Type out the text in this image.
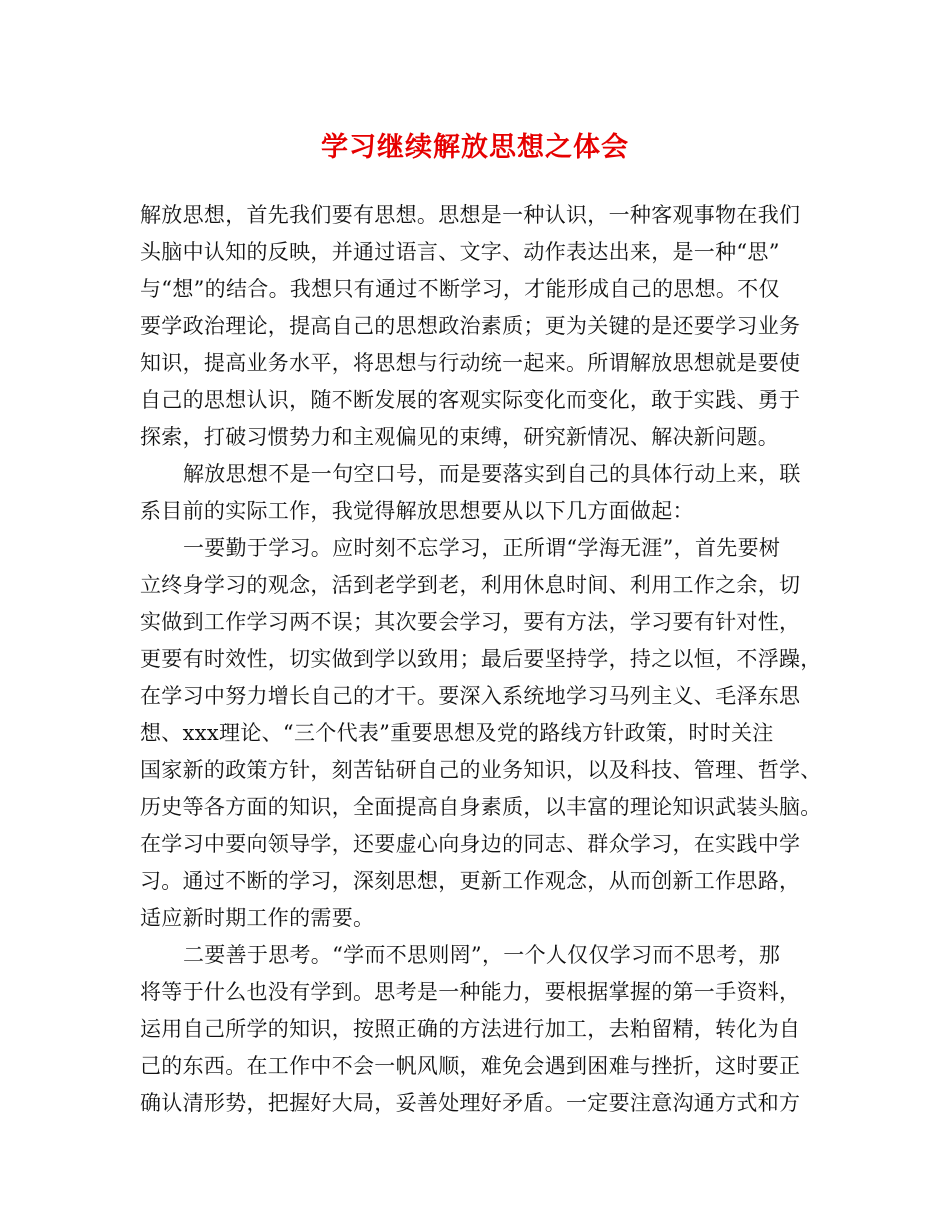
学习继续解放思想之体会
解放思想，首先我们要有思想。思想是一种认识，一种客观事物在我们
头脑中认知的反映，并通过语言、文字、动作表达出来，是一种“思”
与“想”的结合。我想只有通过不断学习，才能形成自己的思想。不仅
要学政治理论，提高自己的思想政治素质；更为关键的是还要学习业务
知识，提高业务水平，将思想与行动统一起来。所谓解放思想就是要使
自己的思想认识，随不断发展的客观实际变化而变化，敢于实践、勇于
探索，打破习惯势力和主观偏见的束缚，研究新情况、解决新问题。
解放思想不是一句空口号，而是要落实到自己的具体行动上来，联
系目前的实际工作，我觉得解放思想要从以下几方面做起：
一要勤于学习。应时刻不忘学习，正所谓“学海无涯”，首先要树
立终身学习的观念，活到老学到老，利用休息时间、利用工作之余，切
实做到工作学习两不误；其次要会学习，要有方法，学习要有针对性，
更要有时效性，切实做到学以致用；最后要坚持学，持之以恒，不浮躁，
在学习中努力增长自己的才干。要深入系统地学习马列主义、毛泽东思
想、xxx理论、“三个代表”重要思想及党的路线方针政策，时时关注
国家新的政策方针，刻苦钻研自己的业务知识，以及科技、管理、哲学、
历史等各方面的知识，全面提高自身素质，以丰富的理论知识武装头脑。
在学习中要向领导学，还要虚心向身边的同志、群众学习，在实践中学
习。通过不断的学习，深刻思想，更新工作观念，从而创新工作思路，
适应新时期工作的需要。
二要善于思考。“学而不思则罔”，一个人仅仅学习而不思考，那
将等于什么也没有学到。思考是一种能力，要根据掌握的第一手资料，
运用自己所学的知识，按照正确的方法进行加工，去粕留精，转化为自
己的东西。在工作中不会一帆风顺，难免会遇到困难与挫折，这时要正
确认清形势，把握好大局，妥善处理好矛盾。一定要注意沟通方式和方
